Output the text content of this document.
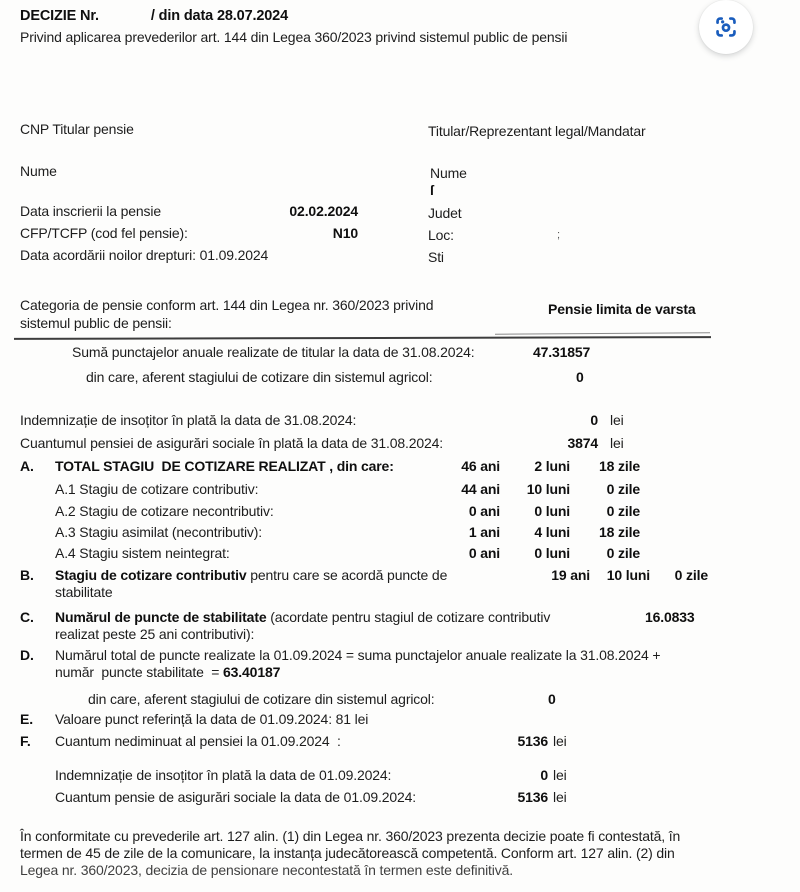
DECIZIE Nr.	/ din data 28.07.2024
Privind aplicarea prevederilor art. 144 din Legea 360/2023 privind sistemul public de pensii
CNP Titular pensie	Titular/Reprezentant legal/Mandatar
Nume	Nume
ſ
Data inscrierii la pensie	02.02.2024	Judet
CFP/TCFP (cod fel pensie):	N10	Loc:	;
Data acordării noilor drepturi: 01.09.2024	Sti
Categoria de pensie conform art. 144 din Legea nr. 360/2023 privind
sistemul public de pensii:
Pensie limita de varsta
Sumă punctajelor anuale realizate de titular la data de 31.08.2024:	47.31857
din care, aferent stagiului de cotizare din sistemul agricol:	0
Indemnizație de insoțitor în plată la data de 31.08.2024:	0 lei
Cuantumul pensiei de asigurări sociale în plată la data de 31.08.2024:	3874 lei
A. TOTAL STAGIU  DE COTIZARE REALIZAT , din care:	46 ani	2 luni	18 zile
A.1 Stagiu de cotizare contributiv:	44 ani	10 luni	0 zile
A.2 Stagiu de cotizare necontributiv:	0 ani	0 luni	0 zile
A.3 Stagiu asimilat (necontributiv):	1 ani	4 luni	18 zile
A.4 Stagiu sistem neintegrat:	0 ani	0 luni	0 zile
B. Stagiu de cotizare contributiv pentru care se acordă puncte de	19 ani	10 luni	0 zile
stabilitate
C. Numărul de puncte de stabilitate (acordate pentru stagiul de cotizare contributiv	16.0833
realizat peste 25 ani contributivi):
D. Numărul total de puncte realizate la 01.09.2024 = suma punctajelor anuale realizate la 31.08.2024 +
număr  puncte stabilitate  = 63.40187
din care, aferent stagiului de cotizare din sistemul agricol:	0
E. Valoare punct referință la data de 01.09.2024: 81 lei
F. Cuantum nediminuat al pensiei la 01.09.2024  :	5136 lei
Indemnizație de insoțitor în plată la data de 01.09.2024:	0 lei
Cuantum pensie de asigurări sociale la data de 01.09.2024:	5136 lei
În conformitate cu prevederile art. 127 alin. (1) din Legea nr. 360/2023 prezenta decizie poate fi contestată, în
termen de 45 de zile de la comunicare, la instanța judecătorească competentă. Conform art. 127 alin. (2) din
Legea nr. 360/2023, decizia de pensionare necontestată în termen este definitivă.
